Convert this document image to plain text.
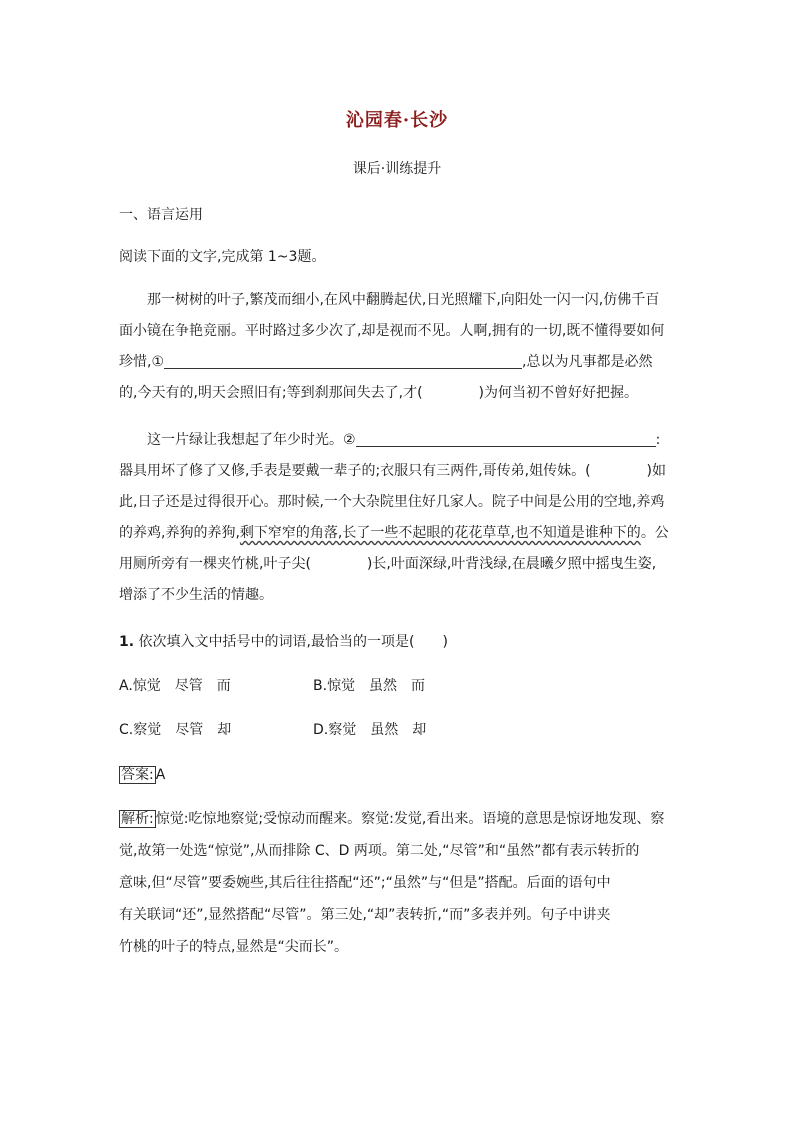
沁园春·长沙
课后·训练提升
一、语言运用
阅读下面的文字,完成第 1~3题。
那一树树的叶子,繁茂而细小,在风中翻腾起伏,日光照耀下,向阳处一闪一闪,仿佛千百
面小镜在争艳竞丽。平时路过多少次了,却是视而不见。人啊,拥有的一切,既不懂得要如何
珍惜,①	,总以为凡事都是必然
的,今天有的,明天会照旧有;等到刹那间失去了,才(	)为何当初不曾好好把握。
这一片绿让我想起了年少时光。②	:
器具用坏了修了又修,手表是要戴一辈子的;衣服只有三两件,哥传弟,姐传妹。(	)如
此,日子还是过得很开心。那时候,一个大杂院里住好几家人。院子中间是公用的空地,养鸡
的养鸡,养狗的养狗,剩下窄窄的角落,长了一些不起眼的花花草草,也不知道是谁种下的。公
用厕所旁有一棵夹竹桃,叶子尖(	)长,叶面深绿,叶背浅绿,在晨曦夕照中摇曳生姿,
增添了不少生活的情趣。
1. 依次填入文中括号中的词语,最恰当的一项是( )
A.惊觉　尽管　而	B.惊觉　虽然　而
C.察觉　尽管　却	D.察觉　虽然　却
答案: A
解析: 惊觉:吃惊地察觉;受惊动而醒来。察觉:发觉,看出来。语境的意思是惊讶地发现、察
觉,故第一处选“惊觉”,从而排除 C、D 两项。第二处,“尽管”和“虽然”都有表示转折的
意味,但“尽管”要委婉些,其后往往搭配“还”;“虽然”与“但是”搭配。后面的语句中
有关联词“还”,显然搭配“尽管”。第三处,“却”表转折,“而”多表并列。句子中讲夹
竹桃的叶子的特点,显然是“尖而长”。
